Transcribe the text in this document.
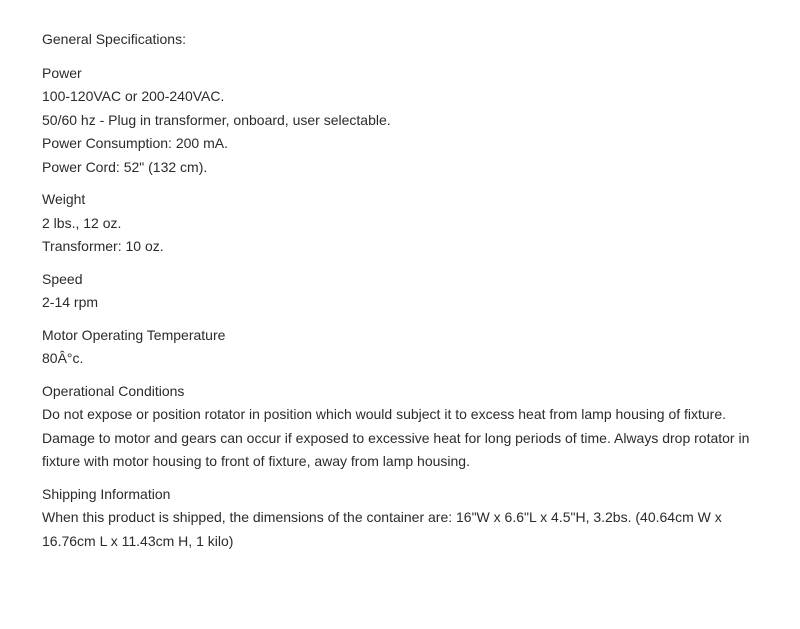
General Specifications:
Power
100-120VAC or 200-240VAC.
50/60 hz - Plug in transformer, onboard, user selectable.
Power Consumption: 200 mA.
Power Cord: 52" (132 cm).
Weight
2 lbs., 12 oz.
Transformer: 10 oz.
Speed
2-14 rpm
Motor Operating Temperature
80Â°c.
Operational Conditions
Do not expose or position rotator in position which would subject it to excess heat from lamp housing of fixture. Damage to motor and gears can occur if exposed to excessive heat for long periods of time. Always drop rotator in fixture with motor housing to front of fixture, away from lamp housing.
Shipping Information
When this product is shipped, the dimensions of the container are: 16"W x 6.6"L x 4.5"H, 3.2bs. (40.64cm W x 16.76cm L x 11.43cm H, 1 kilo)
